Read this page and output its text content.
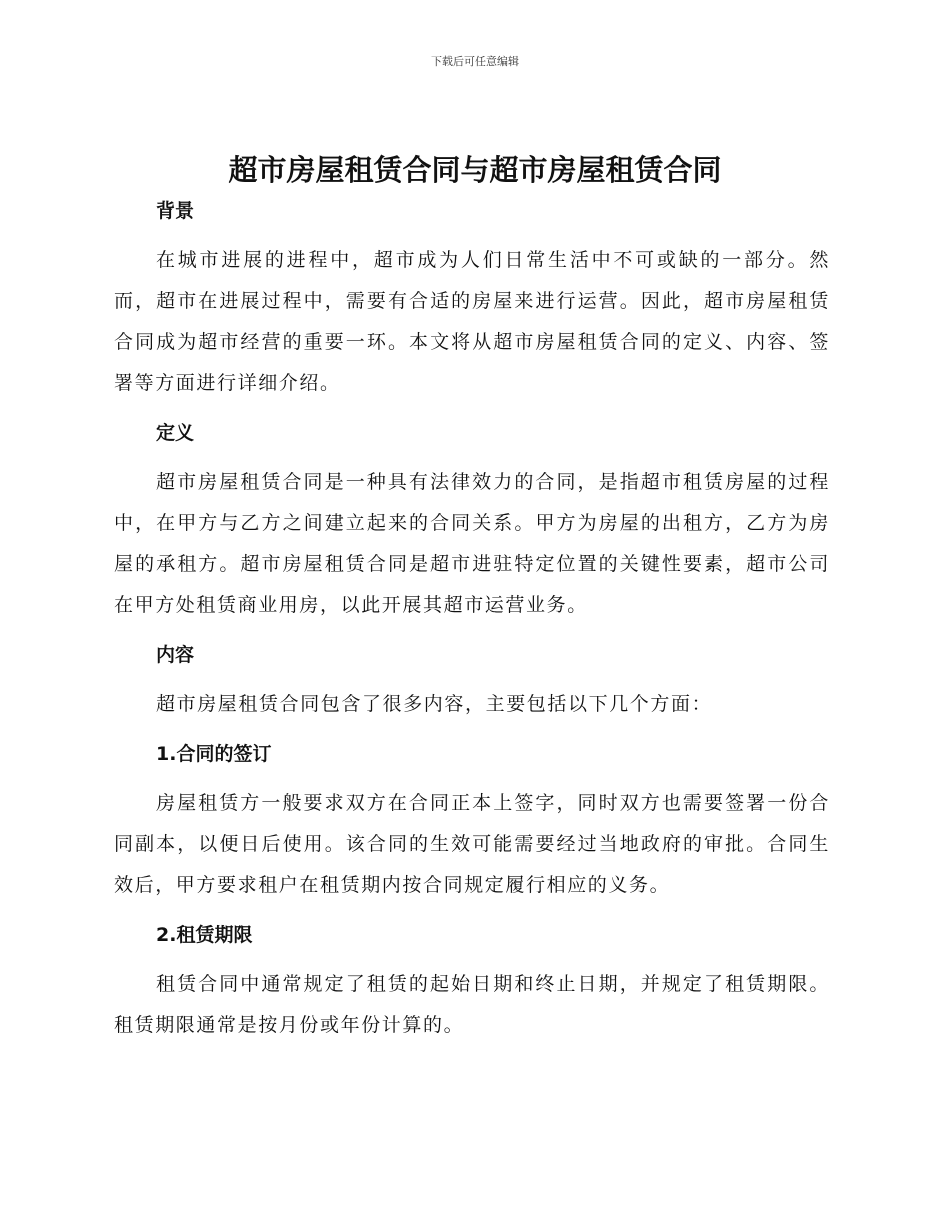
下载后可任意编辑
超市房屋租赁合同与超市房屋租赁合同
背景

在城市进展的进程中，超市成为人们日常生活中不可或缺的一部分。然而，超市在进展过程中，需要有合适的房屋来进行运营。因此，超市房屋租赁合同成为超市经营的重要一环。本文将从超市房屋租赁合同的定义、内容、签署等方面进行详细介绍。

定义

超市房屋租赁合同是一种具有法律效力的合同，是指超市租赁房屋的过程中，在甲方与乙方之间建立起来的合同关系。甲方为房屋的出租方，乙方为房屋的承租方。超市房屋租赁合同是超市进驻特定位置的关键性要素，超市公司在甲方处租赁商业用房，以此开展其超市运营业务。

内容

超市房屋租赁合同包含了很多内容，主要包括以下几个方面：

1.合同的签订

房屋租赁方一般要求双方在合同正本上签字，同时双方也需要签署一份合同副本，以便日后使用。该合同的生效可能需要经过当地政府的审批。合同生效后，甲方要求租户在租赁期内按合同规定履行相应的义务。

2.租赁期限

租赁合同中通常规定了租赁的起始日期和终止日期，并规定了租赁期限。租赁期限通常是按月份或年份计算的。
